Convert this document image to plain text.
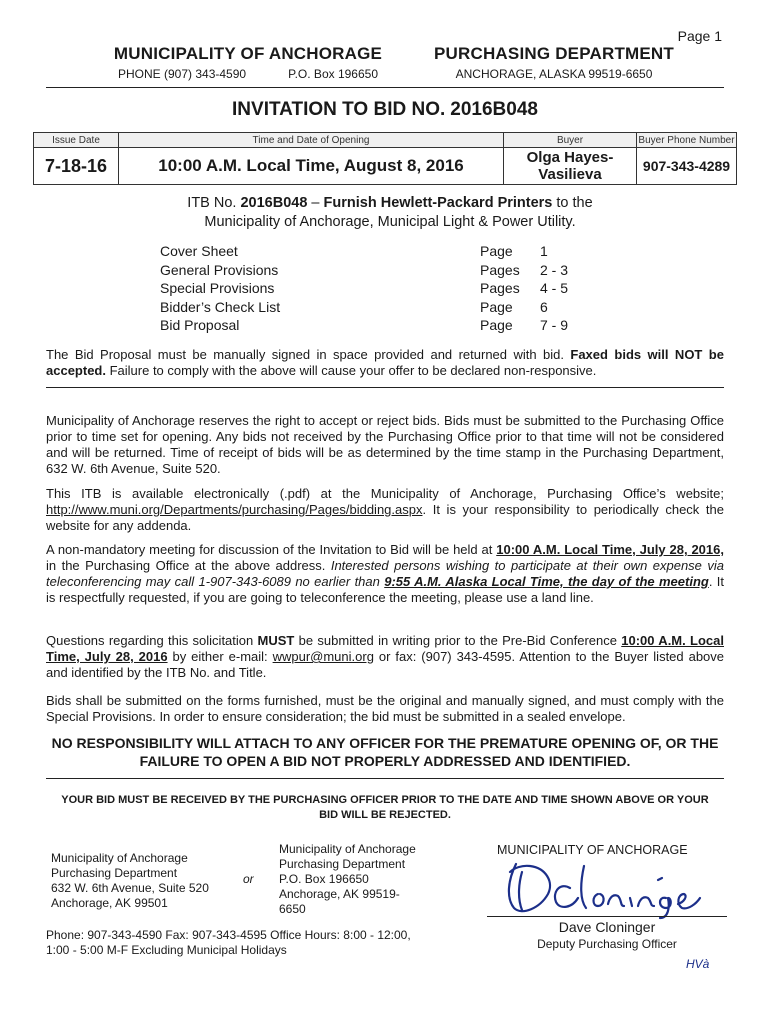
Page 1
MUNICIPALITY OF ANCHORAGE
PHONE (907) 343-4590	P.O. Box 196650
PURCHASING DEPARTMENT
ANCHORAGE, ALASKA 99519-6650
INVITATION TO BID NO. 2016B048
Issue Date	Time and Date of Opening	Buyer	Buyer Phone Number
7-18-16	10:00 A.M. Local Time, August 8, 2016	Olga Hayes-
Vasilieva	907-343-4289
ITB No. 2016B048 – Furnish Hewlett-Packard Printers to the
Municipality of Anchorage, Municipal Light & Power Utility.
Cover Sheet	Page	1
General Provisions	Pages	2 - 3
Special Provisions	Pages	4 - 5
Bidder’s Check List	Page	6
Bid Proposal	Page	7 - 9
The Bid Proposal must be manually signed in space provided and returned with bid. Faxed bids will NOT be accepted. Failure to comply with the above will cause your offer to be declared non-responsive.
Municipality of Anchorage reserves the right to accept or reject bids. Bids must be submitted to the Purchasing Office prior to time set for opening. Any bids not received by the Purchasing Office prior to that time will not be considered and will be returned. Time of receipt of bids will be as determined by the time stamp in the Purchasing Department, 632 W. 6th Avenue, Suite 520.
This ITB is available electronically (.pdf) at the Municipality of Anchorage, Purchasing Office’s website; http://www.muni.org/Departments/purchasing/Pages/bidding.aspx. It is your responsibility to periodically check the website for any addenda.
A non-mandatory meeting for discussion of the Invitation to Bid will be held at 10:00 A.M. Local Time, July 28, 2016, in the Purchasing Office at the above address. Interested persons wishing to participate at their own expense via teleconferencing may call 1-907-343-6089 no earlier than 9:55 A.M. Alaska Local Time, the day of the meeting. It is respectfully requested, if you are going to teleconference the meeting, please use a land line.
Questions regarding this solicitation MUST be submitted in writing prior to the Pre-Bid Conference 10:00 A.M. Local Time, July 28, 2016 by either e-mail: wwpur@muni.org or fax: (907) 343-4595. Attention to the Buyer listed above and identified by the ITB No. and Title.
Bids shall be submitted on the forms furnished, must be the original and manually signed, and must comply with the Special Provisions. In order to ensure consideration; the bid must be submitted in a sealed envelope.
NO RESPONSIBILITY WILL ATTACH TO ANY OFFICER FOR THE PREMATURE OPENING OF, OR THE FAILURE TO OPEN A BID NOT PROPERLY ADDRESSED AND IDENTIFIED.
YOUR BID MUST BE RECEIVED BY THE PURCHASING OFFICER PRIOR TO THE DATE AND TIME SHOWN ABOVE OR YOUR BID WILL BE REJECTED.
Municipality of Anchorage
Purchasing Department
632 W. 6th Avenue, Suite 520
Anchorage, AK 99501
or
Municipality of Anchorage
Purchasing Department
P.O. Box 196650
Anchorage, AK 99519-
6650
MUNICIPALITY OF ANCHORAGE
Dave Cloninger
Deputy Purchasing Officer
Phone: 907-343-4590 Fax: 907-343-4595 Office Hours: 8:00 - 12:00, 1:00 - 5:00 M-F Excluding Municipal Holidays
HVà
